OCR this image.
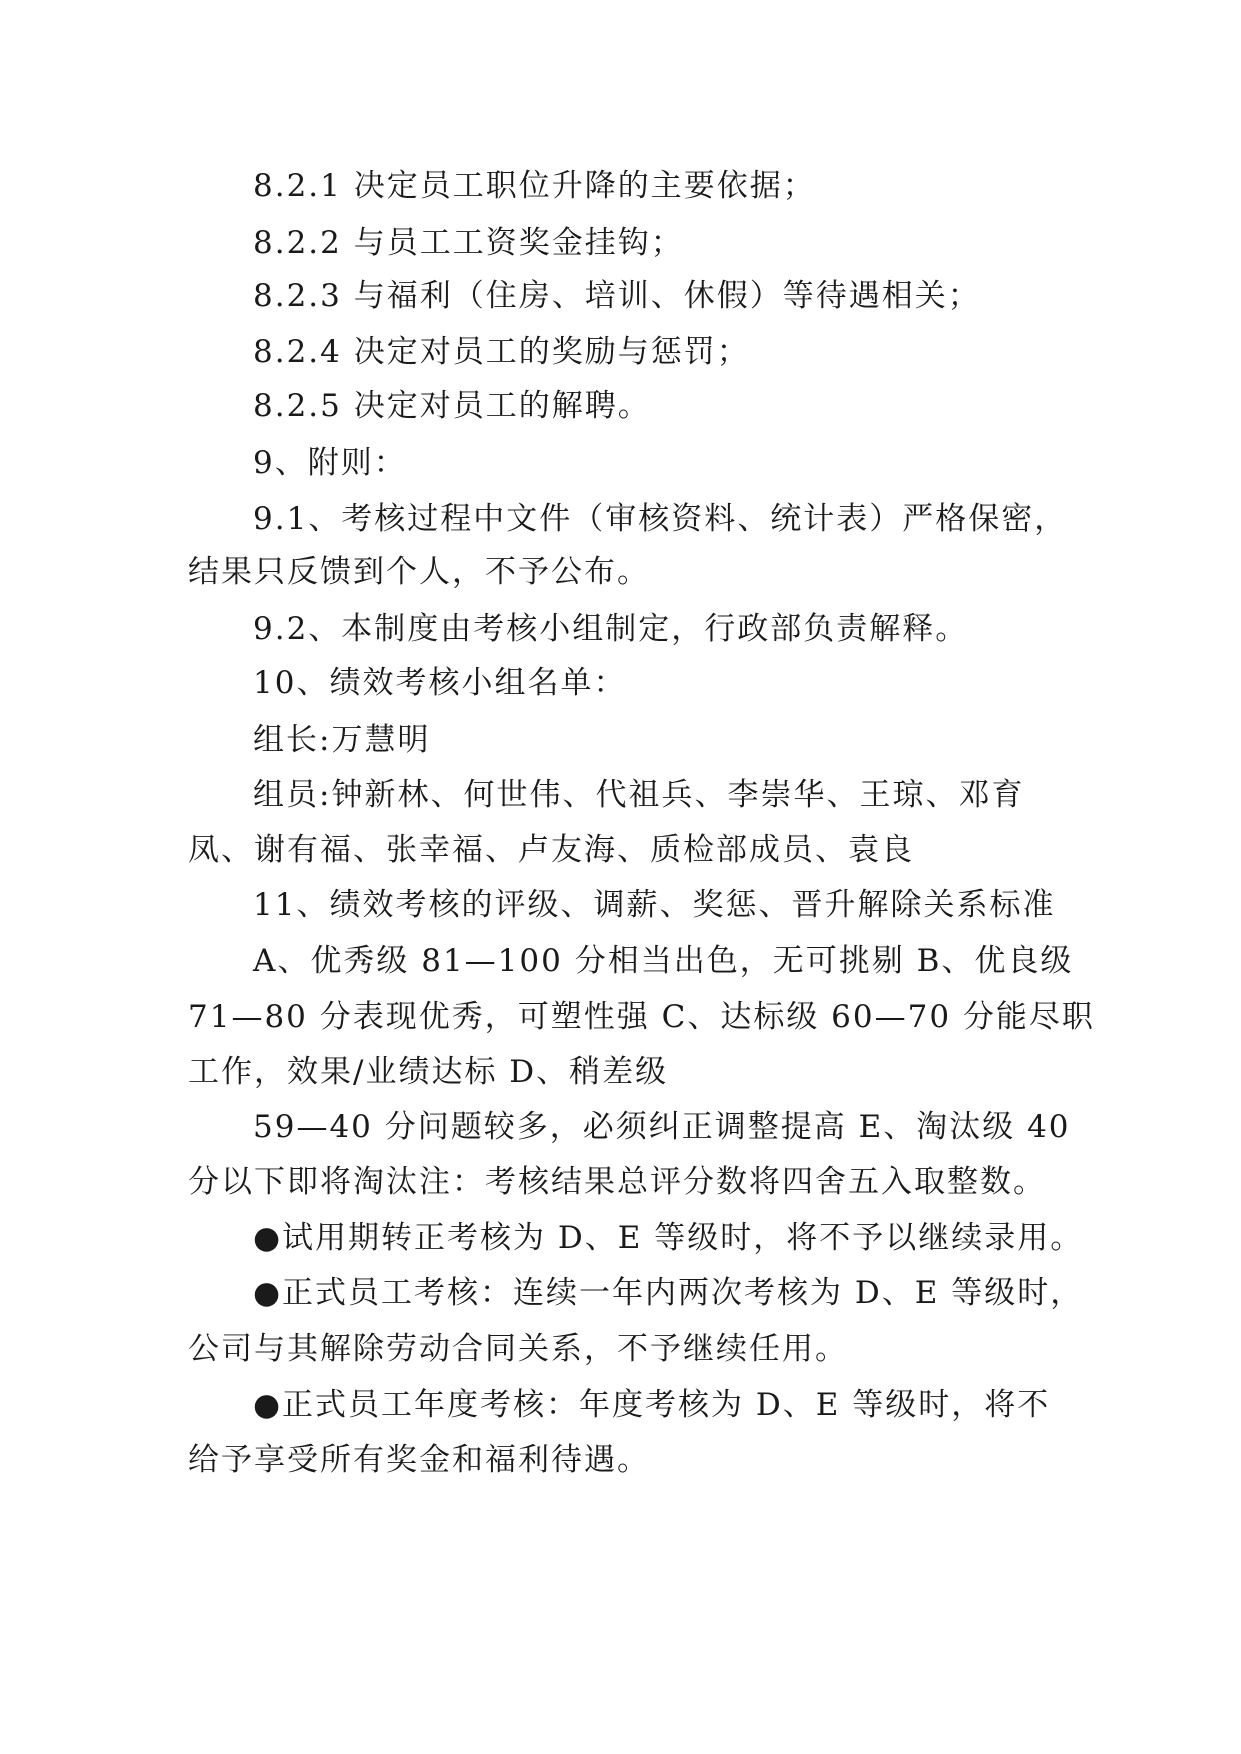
8.2.1 决定员工职位升降的主要依据；
8.2.2 与员工工资奖金挂钩；
8.2.3 与福利（住房、培训、休假）等待遇相关；
8.2.4 决定对员工的奖励与惩罚；
8.2.5 决定对员工的解聘。
9、附则：
9.1、考核过程中文件（审核资料、统计表）严格保密，
结果只反馈到个人，不予公布。
9.2、本制度由考核小组制定，行政部负责解释。
10、绩效考核小组名单：
组长:万慧明
组员:钟新林、何世伟、代祖兵、李崇华、王琼、邓育
凤、谢有福、张幸福、卢友海、质检部成员、袁良
11、绩效考核的评级、调薪、奖惩、晋升解除关系标准
A、优秀级 81—100 分相当出色，无可挑剔 B、优良级
71—80 分表现优秀，可塑性强 C、达标级 60—70 分能尽职
工作，效果/业绩达标 D、稍差级
59—40 分问题较多，必须纠正调整提高 E、淘汰级 40
分以下即将淘汰注：考核结果总评分数将四舍五入取整数。
●试用期转正考核为 D、E 等级时，将不予以继续录用。
●正式员工考核：连续一年内两次考核为 D、E 等级时，
公司与其解除劳动合同关系，不予继续任用。
●正式员工年度考核：年度考核为 D、E 等级时，将不
给予享受所有奖金和福利待遇。
